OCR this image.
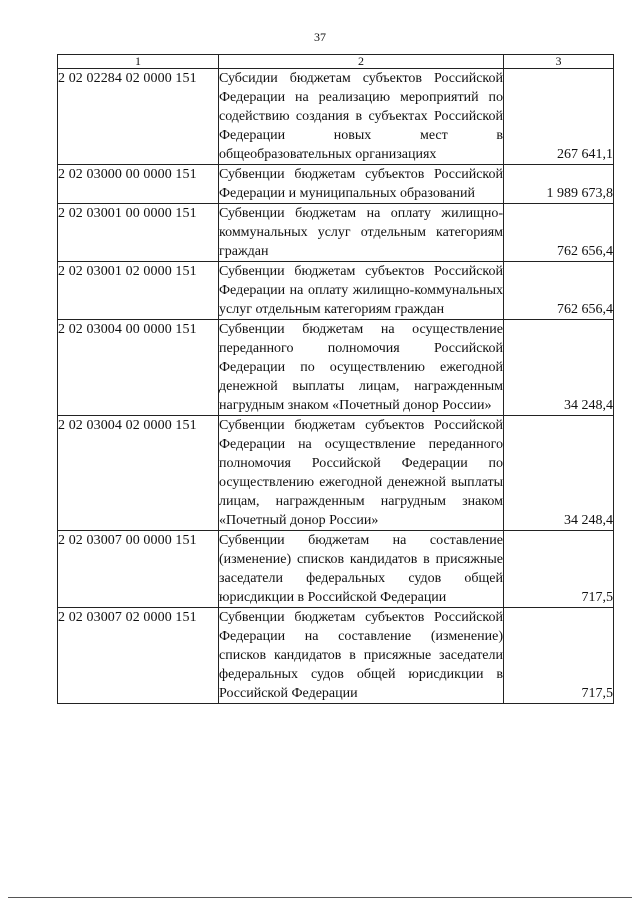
37
1	2	3
2 02 02284 02 0000 151	Субсидии бюджетам субъектов Российской Федерации на реализацию мероприятий по содействию создания в субъектах Российской Федерации новых мест в общеобразовательных организациях	267 641,1
2 02 03000 00 0000 151	Субвенции бюджетам субъектов Российской Федерации и муниципальных образований	1 989 673,8
2 02 03001 00 0000 151	Субвенции бюджетам на оплату жилищно- коммунальных услуг отдельным категориям граждан	762 656,4
2 02 03001 02 0000 151	Субвенции бюджетам субъектов Российской Федерации на оплату жилищно-коммунальных услуг отдельным категориям граждан	762 656,4
2 02 03004 00 0000 151	Субвенции бюджетам на осуществление переданного полномочия Российской Федерации по осуществлению ежегодной денежной выплаты лицам, награжденным нагрудным знаком «Почетный донор России»	34 248,4
2 02 03004 02 0000 151	Субвенции бюджетам субъектов Российской Федерации на осуществление переданного полномочия Российской Федерации по осуществлению ежегодной денежной выплаты лицам, награжденным нагрудным знаком «Почетный донор России»	34 248,4
2 02 03007 00 0000 151	Субвенции бюджетам на составление (изменение) списков кандидатов в присяжные заседатели федеральных судов общей юрисдикции в Российской Федерации	717,5
2 02 03007 02 0000 151	Субвенции бюджетам субъектов Российской Федерации на составление (изменение) списков кандидатов в присяжные заседатели федеральных судов общей юрисдикции в Российской Федерации	717,5
